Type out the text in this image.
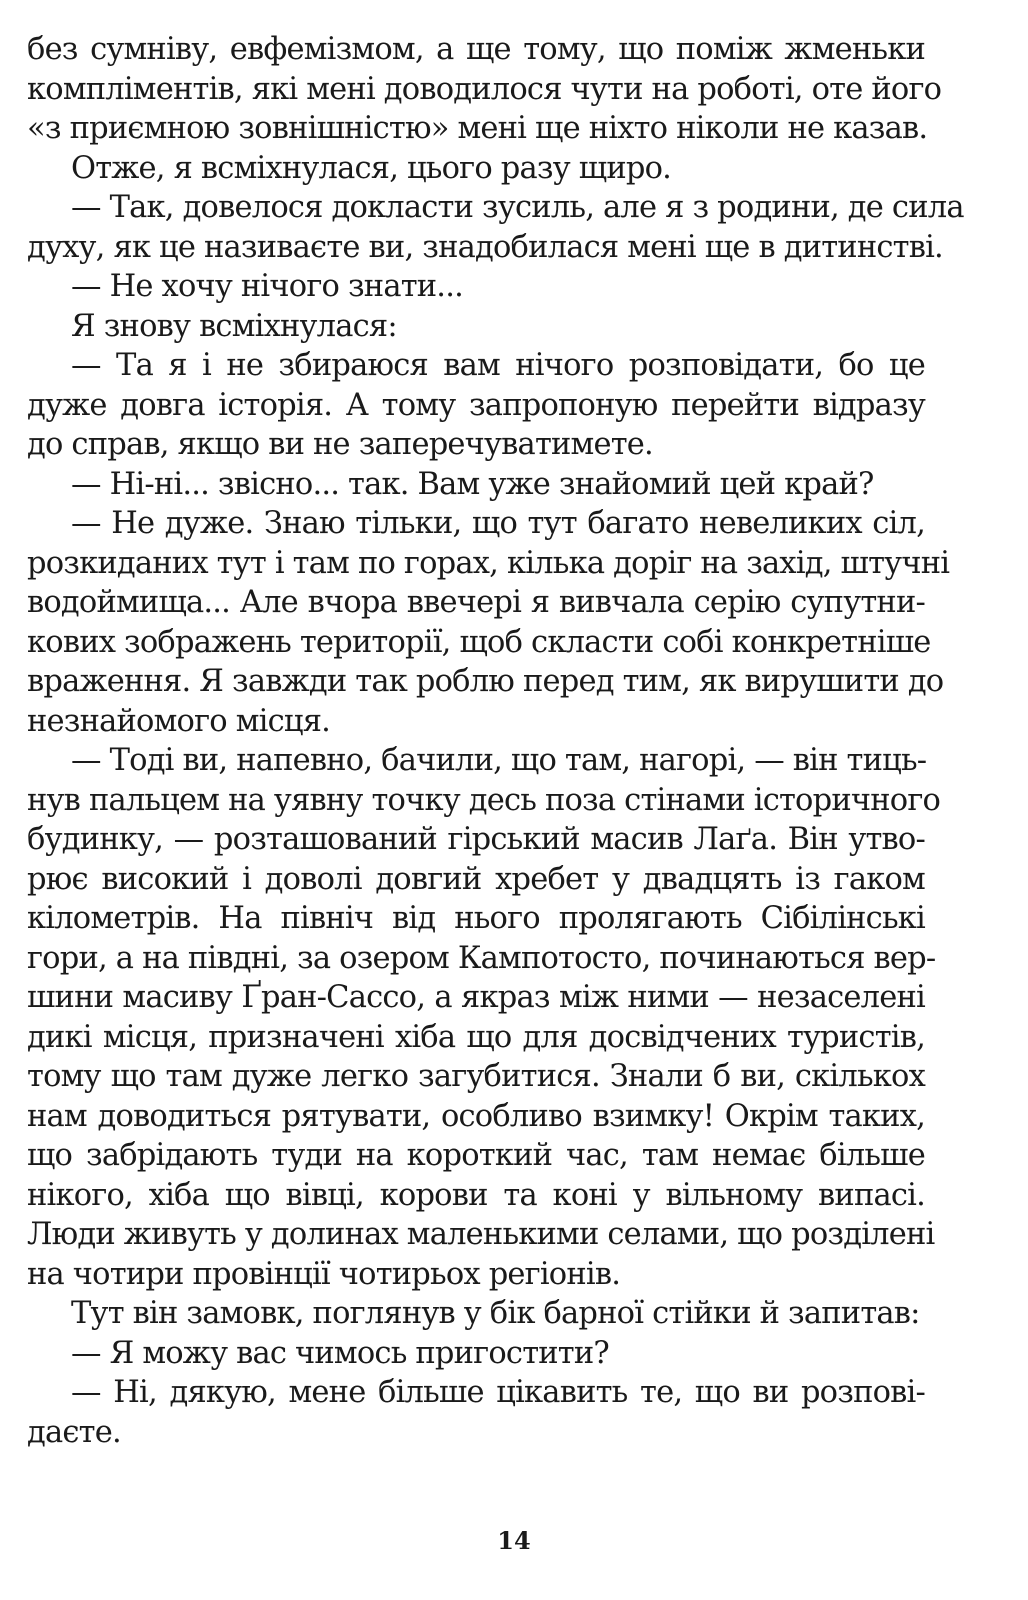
без сумніву, евфемізмом, а ще тому, що поміж жменьки
компліментів, які мені доводилося чути на роботі, оте його
«з приємною зовнішністю» мені ще ніхто ніколи не казав.
Отже, я всміхнулася, цього разу щиро.
— Так, довелося докласти зусиль, але я з родини, де сила
духу, як це називаєте ви, знадобилася мені ще в дитинстві.
— Не хочу нічого знати...
Я знову всміхнулася:
— Та я і не збираюся вам нічого розповідати, бо це
дуже довга історія. А тому запропоную перейти відразу
до справ, якщо ви не заперечуватимете.
— Ні-ні... звісно... так. Вам уже знайомий цей край?
— Не дуже. Знаю тільки, що тут багато невеликих сіл,
розкиданих тут і там по горах, кілька доріг на захід, штучні
водоймища... Але вчора ввечері я вивчала серію супутни-
кових зображень території, щоб скласти собі конкретніше
враження. Я завжди так роблю перед тим, як вирушити до
незнайомого місця.
— Тоді ви, напевно, бачили, що там, нагорі, — він тиць-
нув пальцем на уявну точку десь поза стінами історичного
будинку, — розташований гірський масив Лаґа. Він утво-
рює високий і доволі довгий хребет у двадцять із гаком
кілометрів. На північ від нього пролягають Сібілінські
гори, а на півдні, за озером Кампотосто, починаються вер-
шини масиву Ґран-Сассо, а якраз між ними — незаселені
дикі місця, призначені хіба що для досвідчених туристів,
тому що там дуже легко загубитися. Знали б ви, скількох
нам доводиться рятувати, особливо взимку! Окрім таких,
що забрідають туди на короткий час, там немає більше
нікого, хіба що вівці, корови та коні у вільному випасі.
Люди живуть у долинах маленькими селами, що розділені
на чотири провінції чотирьох регіонів.
Тут він замовк, поглянув у бік барної стійки й запитав:
— Я можу вас чимось пригостити?
— Ні, дякую, мене більше цікавить те, що ви розпові-
даєте.
14
